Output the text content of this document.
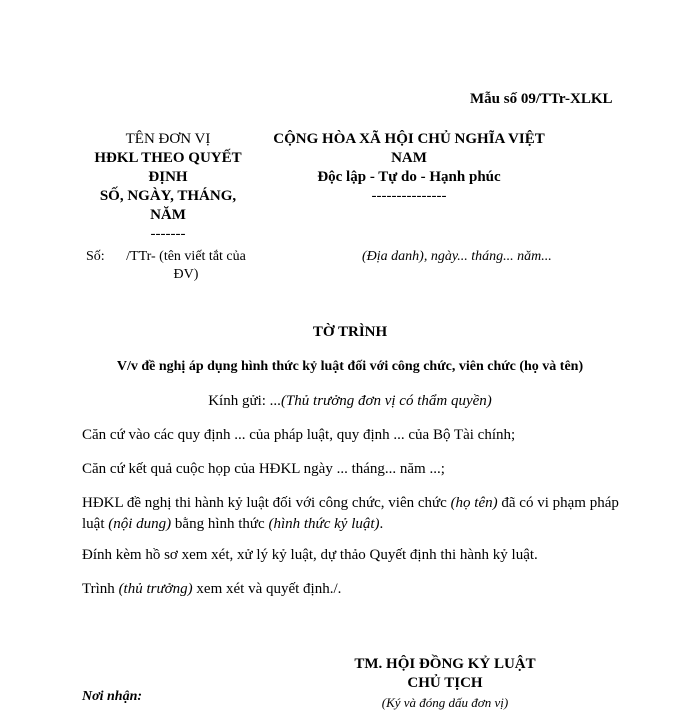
Mẫu số 09/TTr-XLKL
TÊN ĐƠN VỊ
HĐKL THEO QUYẾT ĐỊNH
SỐ, NGÀY, THÁNG, NĂM
-------
CỘNG HÒA XÃ HỘI CHỦ NGHĨA VIỆT NAM
Độc lập - Tự do - Hạnh phúc
---------------
Số:	/TTr- (tên viết tắt của ĐV)
(Địa danh), ngày... tháng... năm...
TỜ TRÌNH
V/v đề nghị áp dụng hình thức kỷ luật đối với công chức, viên chức (họ và tên)
Kính gửi: ...(Thủ trưởng đơn vị có thẩm quyền)
Căn cứ vào các quy định ... của pháp luật, quy định ... của Bộ Tài chính;
Căn cứ kết quả cuộc họp của HĐKL ngày ... tháng... năm ...;
HĐKL đề nghị thi hành kỷ luật đối với công chức, viên chức (họ tên) đã có vi phạm pháp luật (nội dung) bằng hình thức (hình thức kỷ luật).
Đính kèm hồ sơ xem xét, xử lý kỷ luật, dự thảo Quyết định thi hành kỷ luật.
Trình (thủ trưởng) xem xét và quyết định./.
TM. HỘI ĐỒNG KỶ LUẬT
CHỦ TỊCH
(Ký và đóng dấu đơn vị)
Nơi nhận:
